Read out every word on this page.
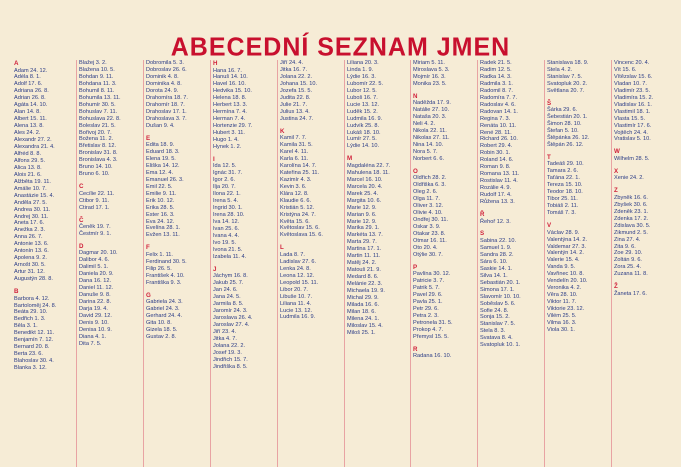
ABECEDNÍ SEZNAM JMEN
A
Adam 24. 12.
Adéla 8. 1.
Adolf 17. 6.
Adriana 26. 8.
Adrian 26. 8.
Agáta 14. 10.
Alan 14. 8.
Albert 15. 11.
Alena 13. 8.
Ales 24. 2.
Alexandr 27. 2.
Alexandra 21. 4.
Alfréd 8. 8.
Alfons 29. 5.
Alica 13. 8.
Alois 21. 6.
Alžběta 19. 11.
Amálie 10. 7.
Anastázie 15. 4.
Anděla 27. 5.
Andrea 30. 11.
Andrej 30. 11.
Aneta 17. 6.
Anežka 2. 3.
Anna 26. 7.
Antonie 13. 6.
Antonín 13. 6.
Apolena 9. 2.
Arnošt 30. 5.
Artur 31. 12.
Augustýn 28. 8.
B
Barbora 4. 12.
Bartoloměj 24. 8.
Beáta 29. 10.
Bedřich 1. 3.
Běla 3. 1.
Benedikt 12. 11.
Benjamín 7. 12.
Bernard 20. 8.
Berta 23. 6.
Blahoslav 30. 4.
Blanka 3. 12.
Blažej 3. 2.
Blažena 10. 5.
Bohdan 9. 11.
Bohdana 11. 3.
Bohumil 8. 11.
Bohumila 13. 11.
Bohumír 30. 5.
Bohuslav 7. 11.
Bohuslava 22. 8.
Boleslav 21. 5.
Bořivoj 20. 7.
Božena 11. 2.
Břetislav 8. 12.
Bronislav 31. 8.
Bronislava 4. 3.
Bruno 14. 10.
Bruno 6. 10.
C
Cecílie 22. 11.
Ctibor 9. 11.
Ctirad 17. 1.
Č
Čeněk 19. 7.
Čestmír 9. 1.
D
Dagmar 20. 10.
Dalibor 4. 6.
Dalimil 5. 1.
Daniela 20. 9.
Dana 16. 12.
Daniel 11. 12.
Danuše 9. 8.
Darina 22. 8.
Darja 19. 4.
David 29. 12.
Denis 9. 10.
Denisa 10. 9.
Diana 4. 1.
Dita 7. 5.
Dobromila 5. 3.
Dobroslav 26. 6.
Dominik 4. 8.
Dominika 4. 8.
Dorota 24. 9.
Drahomíra 18. 7.
Drahomír 18. 7.
Drahoslav 17. 1.
Drahoslava 3. 7.
Dušan 9. 4.
E
Edita 18. 9.
Eduard 18. 3.
Elena 19. 5.
Eliška 14. 12.
Ema 12. 4.
Emanuel 26. 3.
Emil 22. 5.
Emilie 9. 11.
Erik 10. 12.
Erika 28. 5.
Ester 16. 3.
Eva 24. 12.
Evelína 28. 1.
Evžen 13. 11.
F
Felix 1. 11.
Ferdinand 30. 5.
Filip 26. 5.
František 4. 10.
Františka 9. 3.
G
Gabriela 24. 3.
Gabriel 24. 3.
Gerhard 24. 4.
Gita 10. 8.
Gizela 18. 5.
Gustav 2. 8.
H
Hana 16. 7.
Hanuš 14. 10.
Havel 16. 10.
Hedvika 15. 10.
Helena 18. 8.
Herbert 13. 3.
Hermína 7. 4.
Herman 7. 4.
Hortenzie 29. 7.
Hubert 3. 11.
Hugo 1. 4.
Hynek 1. 2.
I
Ida 12. 5.
Ignác 31. 7.
Igor 2. 6.
Ilja 20. 7.
Ilona 22. 1.
Irena 5. 4.
Ingrid 30. 1.
Irena 28. 10.
Iva 14. 12.
Ivan 25. 6.
Ivana 4. 4.
Ivo 19. 5.
Ivona 21. 5.
Izabela 11. 4.
J
Jáchym 16. 8.
Jakub 25. 7.
Jan 24. 6.
Jana 24. 5.
Jarmila 8. 5.
Jaromír 24. 3.
Jaroslava 26. 4.
Jaroslav 27. 4.
Jiří 23. 4.
Jitka 4. 7.
Jolana 22. 2.
Josef 19. 3.
Jindřich 15. 7.
Jindřiška 8. 5.
Jiří 24. 4.
Jitka 16. 7.
Jolana 22. 2.
Johana 15. 10.
Jozefa 15. 5.
Judita 22. 8.
Julie 21. 7.
Julius 13. 4.
Justina 24. 7.
K
Kamil 7. 7.
Kamila 31. 5.
Karel 4. 11.
Karla 6. 11.
Karolína 14. 7.
Kateřina 25. 11.
Kazimír 4. 3.
Kevin 3. 6.
Klára 12. 8.
Klaudie 6. 6.
Kristián 5. 12.
Kristýna 24. 7.
Květa 15. 6.
Květoslav 15. 6.
Květoslava 15. 6.
L
Lada 8. 7.
Ladislav 27. 6.
Lenka 24. 8.
Leona 12. 12.
Leopold 15. 11.
Libor 20. 7.
Libuše 10. 7.
Liliana 11. 4.
Lucie 13. 12.
Ludmila 16. 9.
Liliana 20. 3.
Linda 1. 9.
Lýdie 16. 3.
Lubomír 22. 5.
Lubor 12. 5.
Luboš 16. 7.
Lucie 13. 12.
Luděk 15. 2.
Ludmila 16. 9.
Ludvík 25. 8.
Lukáš 18. 10.
Lumír 27. 5.
Lýdie 14. 10.
M
Magdaléna 22. 7.
Mahulena 18. 11.
Marcel 16. 10.
Marcela 20. 4.
Marek 25. 4.
Margita 10. 6.
Marie 12. 9.
Marian 9. 6.
Marie 12. 9.
Marika 29. 1.
Markéta 13. 7.
Marta 29. 7.
Martina 17. 1.
Martin 11. 11.
Matěj 24. 2.
Matouš 21. 9.
Medard 8. 6.
Melánie 22. 3.
Michaela 19. 9.
Michal 29. 9.
Milada 16. 6.
Milan 18. 6.
Milena 24. 1.
Miloslav 15. 4.
Miloš 25. 1.
Miriam 5. 11.
Miroslava 5. 3.
Mojmír 16. 3.
Monika 23. 5.
N
Naděžda 17. 9.
Natálie 27. 10.
Nataša 20. 3.
Neli 4. 2.
Nikola 22. 11.
Nikolas 27. 11.
Nina 14. 10.
Nora 5. 7.
Norbert 6. 6.
O
Oldřich 28. 2.
Oldřiška 6. 3.
Oleg 2. 6.
Olga 11. 7.
Oliver 3. 12.
Olivie 4. 10.
Ondřej 30. 11.
Oskar 3. 9.
Otakar 23. 8.
Otmar 16. 11.
Oto 20. 4.
Otýlie 30. 7.
P
Pavlína 30. 12.
Patricie 3. 7.
Patrik 5. 7.
Pavel 29. 6.
Pavla 25. 1.
Petr 29. 6.
Petra 2. 3.
Petronela 31. 5.
Prokop 4. 7.
Přemysl 15. 5.
R
Radana 16. 10.
Radek 21. 5.
Radim 12. 5.
Radka 14. 3.
Radmila 3. 1.
Radomil 8. 7.
Radomíra 7. 7.
Radoslav 4. 6.
Radovan 14. 1.
Regina 7. 3.
Renáta 10. 11.
René 28. 11.
Richard 26. 10.
Robert 29. 4.
Robin 30. 1.
Roland 14. 6.
Roman 9. 8.
Romana 13. 11.
Rostislav 11. 4.
Rozálie 4. 9.
Rudolf 17. 4.
Růžena 13. 3.
Ř
Řehoř 12. 3.
S
Sabina 22. 10.
Samuel 1. 9.
Sandra 28. 2.
Sára 6. 10.
Saskie 14. 1.
Silva 14. 1.
Sebastián 20. 1.
Simona 17. 1.
Slavomír 10. 10.
Soběslav 5. 6.
Sofie 24. 8.
Sonja 15. 2.
Stanislav 7. 5.
Stela 8. 3.
Svatava 8. 4.
Svatopluk 10. 1.
Stanislava 18. 9.
Stela 4. 2.
Stanislav 7. 5.
Svatopluk 20. 2.
Světlana 20. 7.
Š
Šárka 29. 6.
Šebestián 20. 1.
Šimon 28. 10.
Štefan 5. 10.
Štěpánka 26. 12.
Štěpán 26. 12.
T
Tadeáš 29. 10.
Tamara 2. 6.
Taťána 22. 1.
Tereza 15. 10.
Teodor 18. 10.
Tibor 25. 11.
Tobiáš 2. 11.
Tomáš 7. 3.
V
Václav 28. 9.
Valentýna 14. 2.
Valdemar 27. 3.
Valentýn 14. 2.
Valerie 15. 4.
Vanda 9. 5.
Vavřinec 10. 8.
Vendelín 20. 10.
Veronika 4. 2.
Věra 28. 10.
Viktor 11. 7.
Viktorie 23. 12.
Vilém 25. 5.
Vilma 16. 3.
Viola 30. 1.
Vincenc 20. 4.
Vít 15. 6.
Vítězslav 15. 6.
Vladan 10. 7.
Vladimír 23. 5.
Vladimíra 15. 2.
Vladislav 16. 1.
Vlastimil 18. 1.
Vlasta 15. 5.
Vlastimír 17. 6.
Vojtěch 24. 4.
Vratislav 5. 10.
W
Wilhelm 28. 5.
X
Xenie 24. 2.
Z
Zbyněk 16. 6.
Zbyšek 30. 6.
Zdeněk 23. 1.
Zdenka 17. 2.
Zdislava 30. 5.
Zikmund 2. 5.
Zina 27. 4.
Zita 9. 6.
Zoe 29. 10.
Zoltán 9. 6.
Zora 25. 4.
Zuzana 11. 8.
Ž
Žaneta 17. 6.
